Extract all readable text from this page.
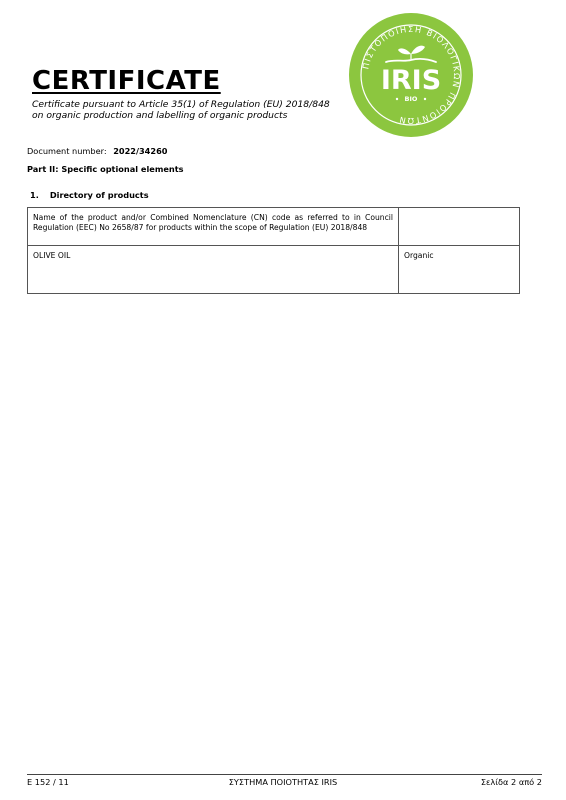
CERTIFICATE
Certificate pursuant to Article 35(1) of Regulation (EU) 2018/848
on organic production and labelling of organic products
ΠΙΣΤΟΠΟΙΗΣΗ ΒΙΟΛΟΓΙΚΩΝ ΠΡΟΪΟΝΤΩΝ
IRIS
BIO
Document number: 2022/34260
Part II: Specific optional elements
1. Directory of products
Name of the product and/or Combined Nomenclature (CN) code as referred to in Council Regulation (EEC) No 2658/87 for products within the scope of Regulation (EU) 2018/848	
OLIVE OIL	Organic
E 152 / 11	ΣΥΣΤΗΜΑ ΠΟΙΟΤΗΤΑΣ IRIS	Σελίδα 2 από 2
